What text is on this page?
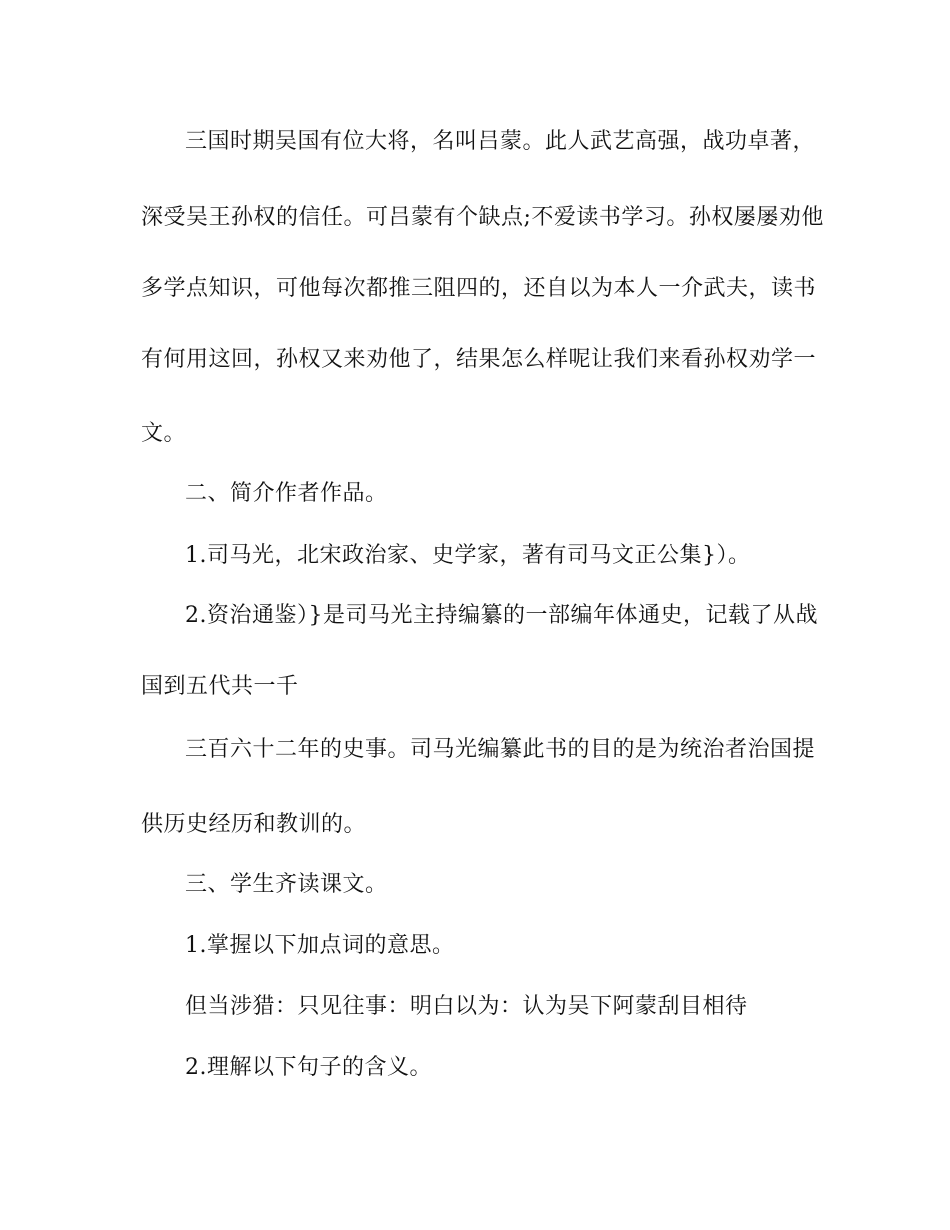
三国时期吴国有位大将，名叫吕蒙。此人武艺高强，战功卓著，
深受吴王孙权的信任。可吕蒙有个缺点;不爱读书学习。孙权屡屡劝他
多学点知识，可他每次都推三阻四的，还自以为本人一介武夫，读书
有何用这回，孙权又来劝他了，结果怎么样呢让我们来看孙权劝学一
文。
二、简介作者作品。
1.司马光，北宋政治家、史学家，著有司马文正公集}）。
2.资治通鉴）}是司马光主持编纂的一部编年体通史，记载了从战
国到五代共一千
三百六十二年的史事。司马光编纂此书的目的是为统治者治国提
供历史经历和教训的。
三、学生齐读课文。
1.掌握以下加点词的意思。
但当涉猎：只见往事：明白以为：认为吴下阿蒙刮目相待
2.理解以下句子的含义。
